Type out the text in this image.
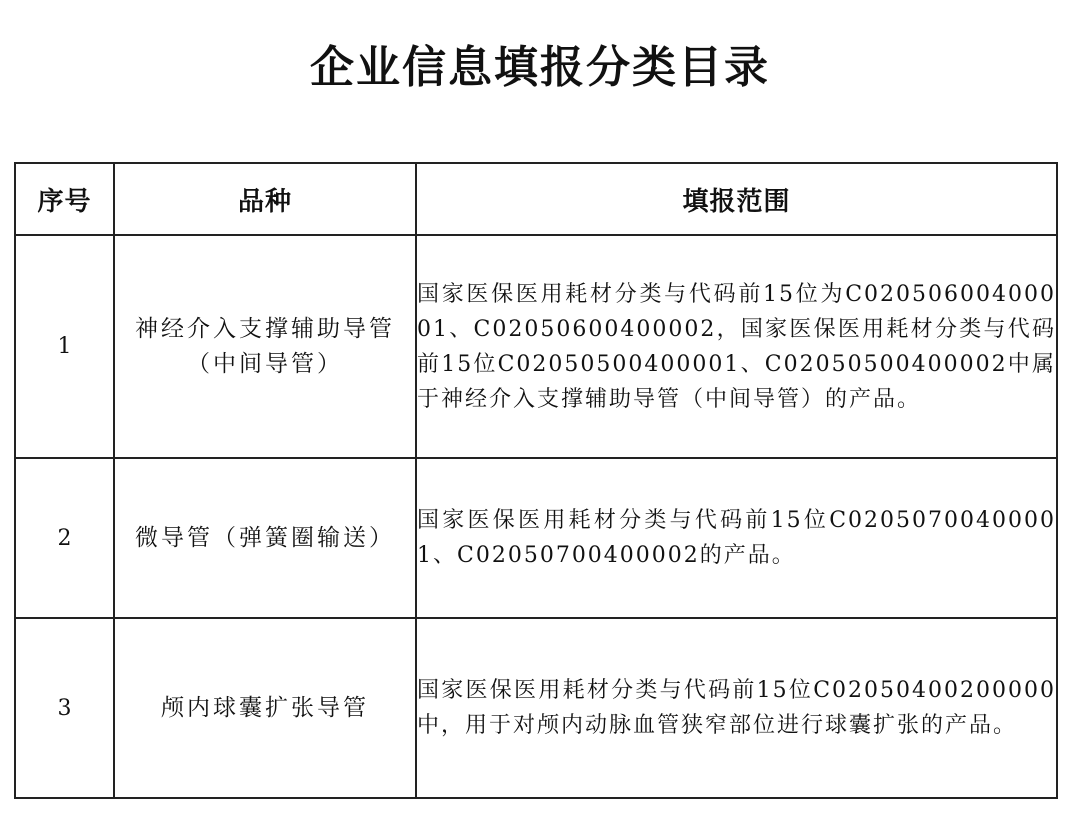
企业信息填报分类目录
序号	品种	填报范围
1	神经介入支撑辅助导管（中间导管）	国家医保医用耗材分类与代码前15位为C02050600400001、C02050600400002，国家医保医用耗材分类与代码前15位C02050500400001、C02050500400002中属于神经介入支撑辅助导管（中间导管）的产品。
2	微导管（弹簧圈输送）	国家医保医用耗材分类与代码前15位C02050700400001、C02050700400002的产品。
3	颅内球囊扩张导管	国家医保医用耗材分类与代码前15位C02050400200000中，用于对颅内动脉血管狭窄部位进行球囊扩张的产品。
